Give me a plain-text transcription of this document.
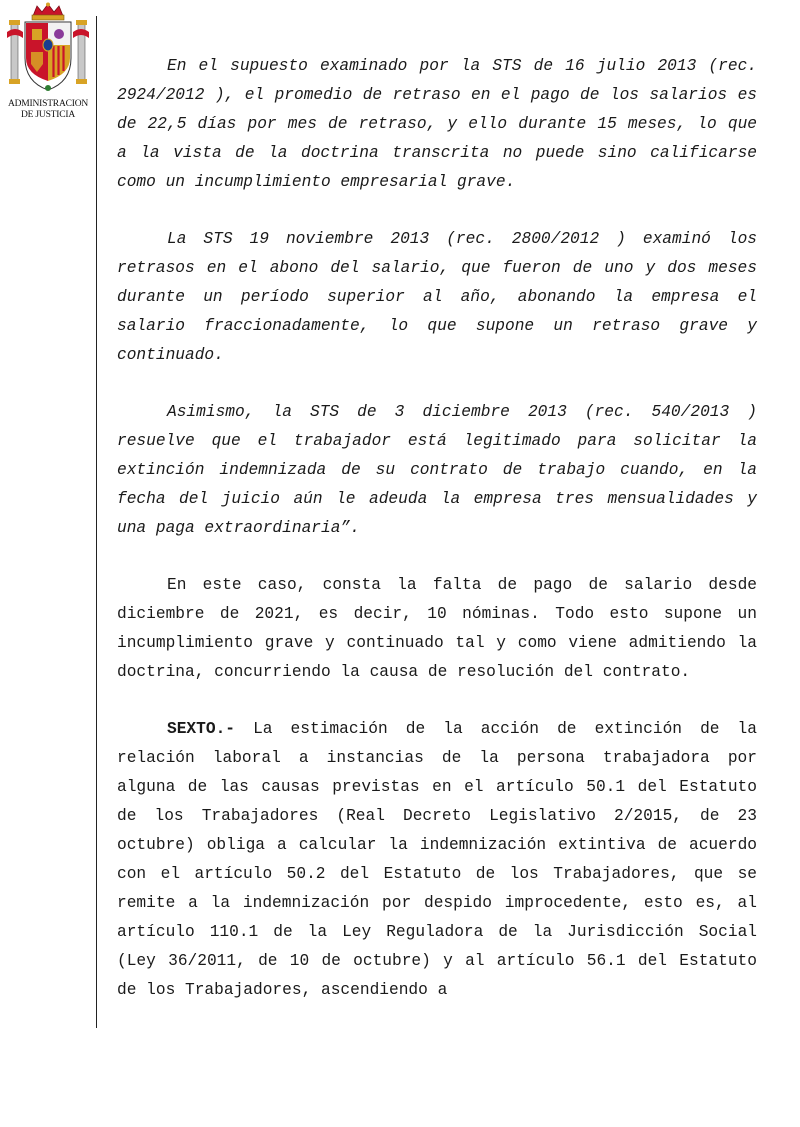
ADMINISTRACION
DE JUSTICIA

En el supuesto examinado por la STS de 16 julio 2013 (rec. 2924/2012 ), el promedio de retraso en el pago de los salarios es de 22,5 días por mes de retraso, y ello durante 15 meses, lo que a la vista de la doctrina transcrita no puede sino calificarse como un incumplimiento empresarial grave.

La STS 19 noviembre 2013 (rec. 2800/2012 ) examinó los retrasos en el abono del salario, que fueron de uno y dos meses durante un período superior al año, abonando la empresa el salario fraccionadamente, lo que supone un retraso grave y continuado.

Asimismo, la STS de 3 diciembre 2013 (rec. 540/2013 ) resuelve que el trabajador está legitimado para solicitar la extinción indemnizada de su contrato de trabajo cuando, en la fecha del juicio aún le adeuda la empresa tres mensualidades y una paga extraordinaria”.

En este caso, consta la falta de pago de salario desde diciembre de 2021, es decir, 10 nóminas. Todo esto supone un incumplimiento grave y continuado tal y como viene admitiendo la doctrina, concurriendo la causa de resolución del contrato.

SEXTO.- La estimación de la acción de extinción de la relación laboral a instancias de la persona trabajadora por alguna de las causas previstas en el artículo 50.1 del Estatuto de los Trabajadores (Real Decreto Legislativo 2/2015, de 23 octubre) obliga a calcular la indemnización extintiva de acuerdo con el artículo 50.2 del Estatuto de los Trabajadores, que se remite a la indemnización por despido improcedente, esto es, al artículo 110.1 de la Ley Reguladora de la Jurisdicción Social (Ley 36/2011, de 10 de octubre) y al artículo 56.1 del Estatuto de los Trabajadores, ascendiendo a
